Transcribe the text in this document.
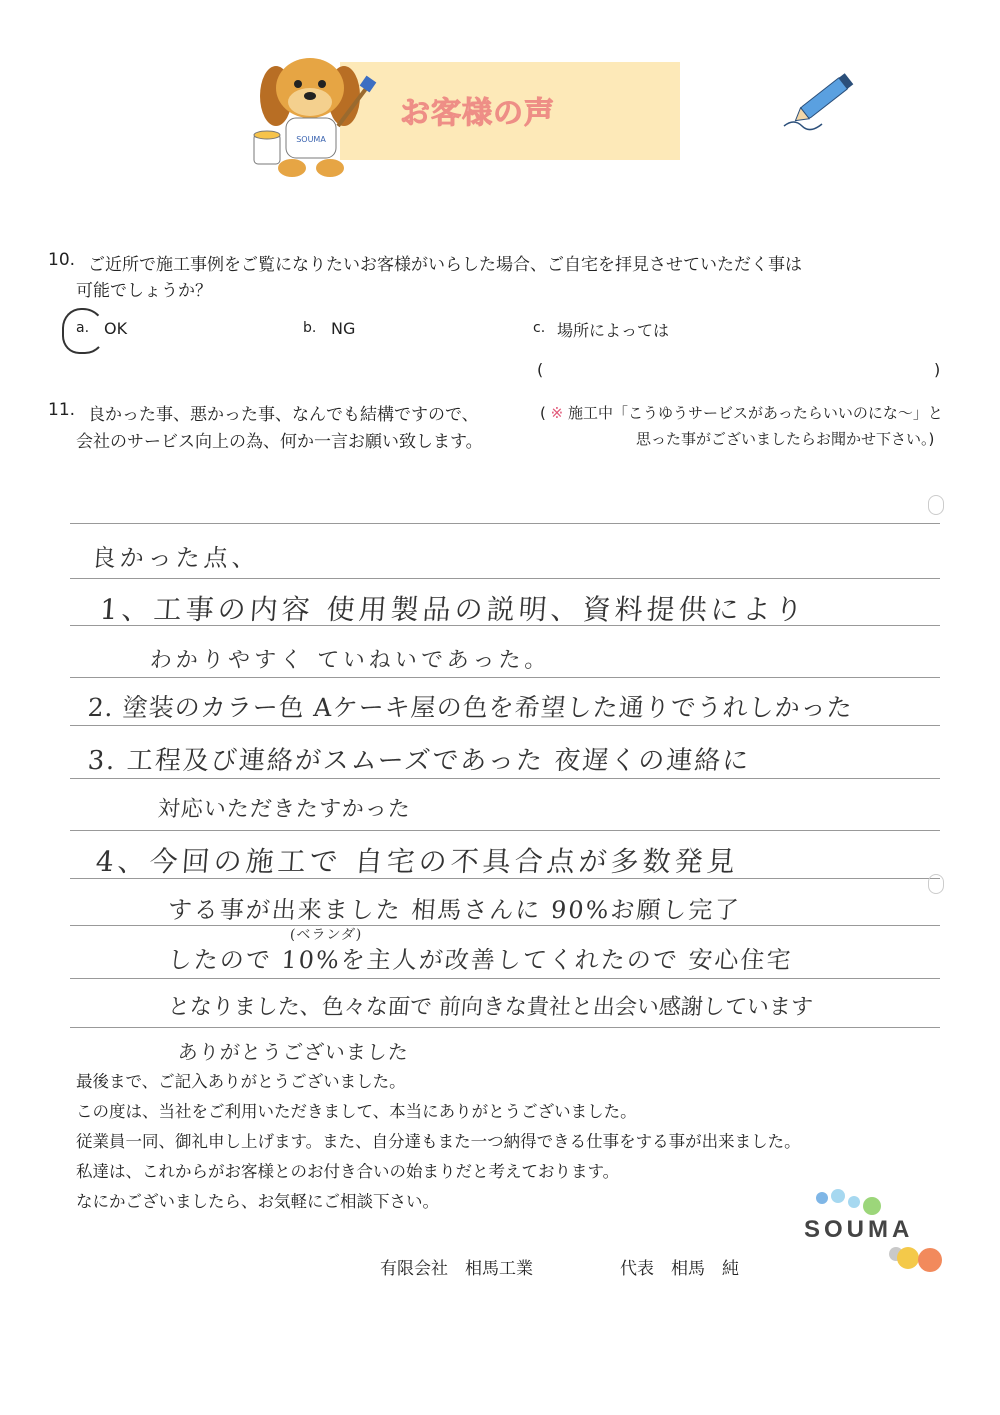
お客様の声
SOUMA
10. ご近所で施工事例をご覧になりたいお客様がいらした場合、ご自宅を拝見させていただく事は
可能でしょうか？
a. OK	b. NG	c. 場所によっては
(	)
11. 良かった事、悪かった事、なんでも結構ですので、
会社のサービス向上の為、何か一言お願い致します。
( ※ 施工中「こうゆうサービスがあったらいいのにな～」と
思った事がございましたらお聞かせ下さい。)
良かった点、
1、工事の内容 使用製品の説明、資料提供により
わかりやすく ていねいであった。
2. 塗装のカラー色 Aケーキ屋の色を希望した通りでうれしかった
3. 工程及び連絡がスムーズであった 夜遅くの連絡に
対応いただきたすかった
4、今回の施工で 自宅の不具合点が多数発見
する事が出来ました 相馬さんに 90%お願し完了
(ベランダ)
したので 10%を主人が改善してくれたので 安心住宅
となりました、色々な面で 前向きな貴社と出会い感謝しています
ありがとうございました
最後まで、ご記入ありがとうございました。
この度は、当社をご利用いただきまして、本当にありがとうございました。
従業員一同、御礼申し上げます。また、自分達もまた一つ納得できる仕事をする事が出来ました。
私達は、これからがお客様とのお付き合いの始まりだと考えております。
なにかございましたら、お気軽にご相談下さい。
有限会社　相馬工業	代表　相馬　純
SOUMA
